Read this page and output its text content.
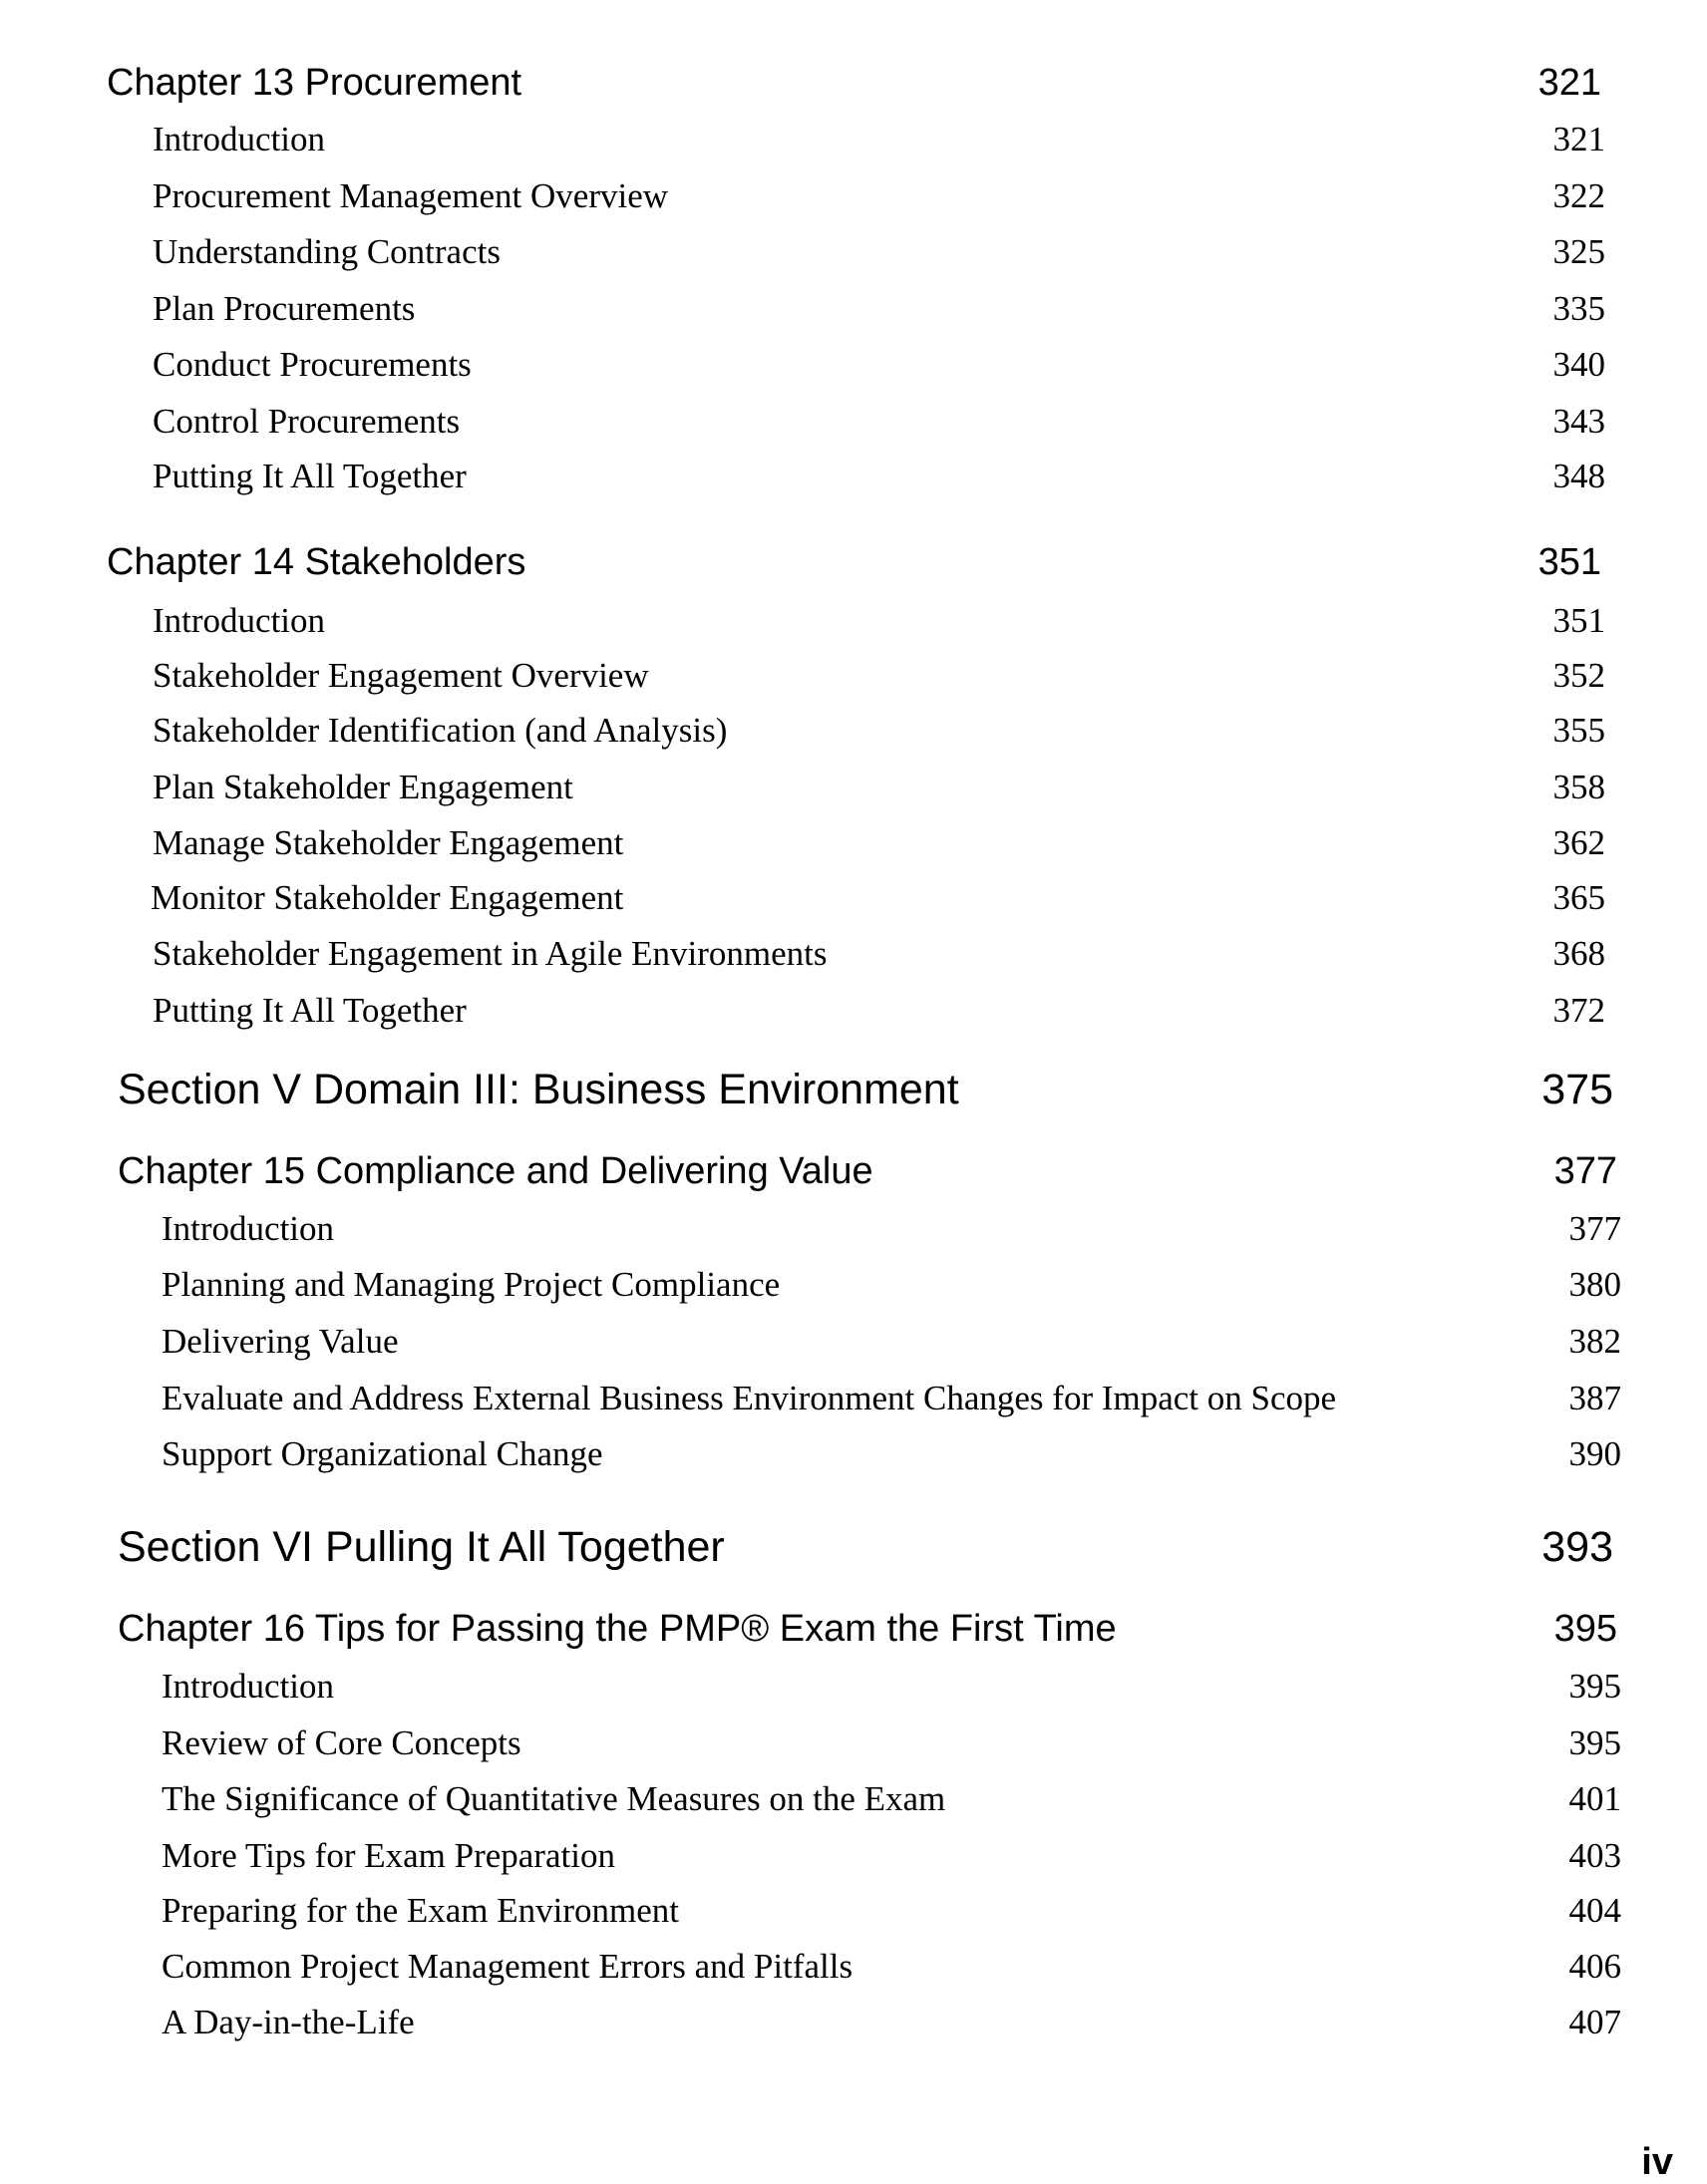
Chapter 13 Procurement	321
Introduction	321
Procurement Management Overview	322
Understanding Contracts	325
Plan Procurements	335
Conduct Procurements	340
Control Procurements	343
Putting It All Together	348
Chapter 14 Stakeholders	351
Introduction	351
Stakeholder Engagement Overview	352
Stakeholder Identification (and Analysis)	355
Plan Stakeholder Engagement	358
Manage Stakeholder Engagement	362
Monitor Stakeholder Engagement	365
Stakeholder Engagement in Agile Environments	368
Putting It All Together	372
Section V Domain III: Business Environment	375
Chapter 15 Compliance and Delivering Value	377
Introduction	377
Planning and Managing Project Compliance	380
Delivering Value	382
Evaluate and Address External Business Environment Changes for Impact on Scope	387
Support Organizational Change	390
Section VI Pulling It All Together	393
Chapter 16 Tips for Passing the PMP® Exam the First Time	395
Introduction	395
Review of Core Concepts	395
The Significance of Quantitative Measures on the Exam	401
More Tips for Exam Preparation	403
Preparing for the Exam Environment	404
Common Project Management Errors and Pitfalls	406
A Day-in-the-Life	407
iv
